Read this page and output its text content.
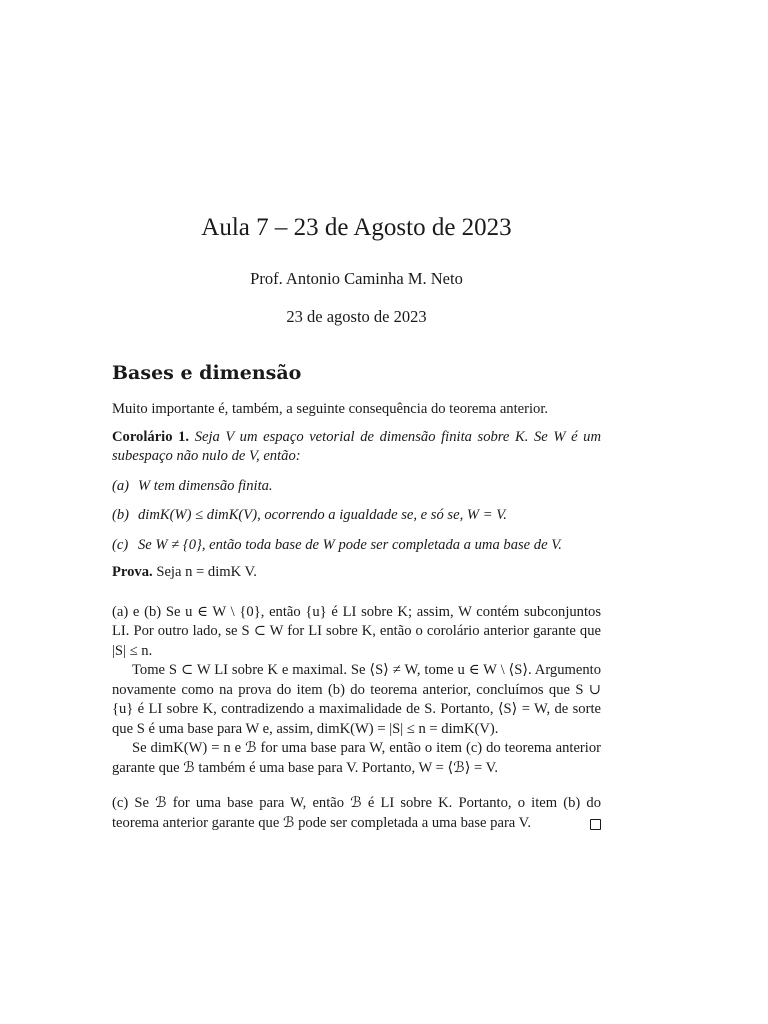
Aula 7 – 23 de Agosto de 2023
Prof. Antonio Caminha M. Neto
23 de agosto de 2023
Bases e dimensão

Muito importante é, também, a seguinte consequência do teorema anterior.

Corolário 1. Seja V um espaço vetorial de dimensão finita sobre K. Se W é um subespaço não nulo de V, então:

(a) W tem dimensão finita.
(b) dimK(W) ≤ dimK(V), ocorrendo a igualdade se, e só se, W = V.
(c) Se W ≠ {0}, então toda base de W pode ser completada a uma base de V.

Prova. Seja n = dimK V.

(a) e (b) Se u ∈ W \ {0}, então {u} é LI sobre K; assim, W contém subconjuntos LI. Por outro lado, se S ⊂ W for LI sobre K, então o corolário anterior garante que |S| ≤ n.

Tome S ⊂ W LI sobre K e maximal. Se ⟨S⟩ ≠ W, tome u ∈ W \ ⟨S⟩. Argumento novamente como na prova do item (b) do teorema anterior, concluímos que S ∪ {u} é LI sobre K, contradizendo a maximalidade de S. Portanto, ⟨S⟩ = W, de sorte que S é uma base para W e, assim, dimK(W) = |S| ≤ n = dimK(V).

Se dimK(W) = n e ℬ for uma base para W, então o item (c) do teorema anterior garante que ℬ também é uma base para V. Portanto, W = ⟨ℬ⟩ = V.

(c) Se ℬ for uma base para W, então ℬ é LI sobre K. Portanto, o item (b) do teorema anterior garante que ℬ pode ser completada a uma base para V.
